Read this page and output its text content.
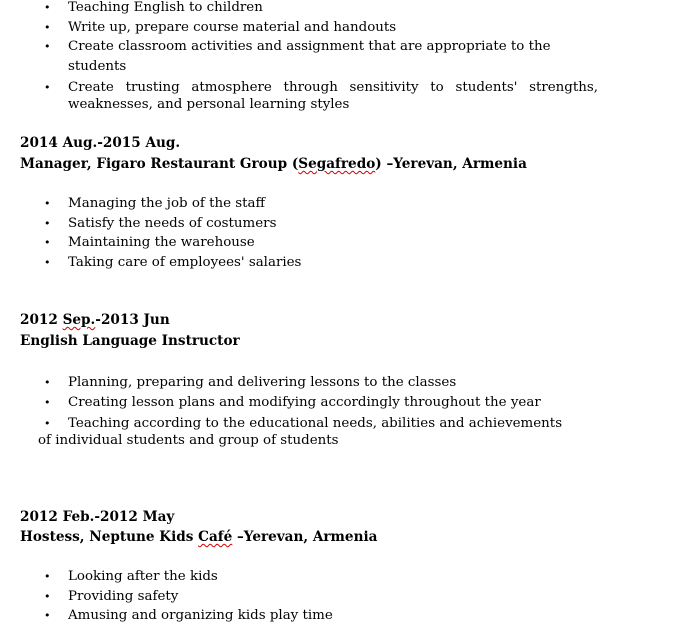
• Teaching English to children
• Write up, prepare course material and handouts
• Create classroom activities and assignment that are appropriate to the students
• Create trusting atmosphere through sensitivity to students' strengths, weaknesses, and personal learning styles

2014 Aug.-2015 Aug.

Manager, Figaro Restaurant Group (Segafredo) –Yerevan, Armenia

• Managing the job of the staff
• Satisfy the needs of costumers
• Maintaining the warehouse
• Taking care of employees' salaries

2012 Sep.-2013 Jun

English Language Instructor

• Planning, preparing and delivering lessons to the classes
• Creating lesson plans and modifying accordingly throughout the year
• Teaching according to the educational needs, abilities and achievements of individual students and group of students

2012 Feb.-2012 May

Hostess, Neptune Kids Café –Yerevan, Armenia

• Looking after the kids
• Providing safety
• Amusing and organizing kids play time
